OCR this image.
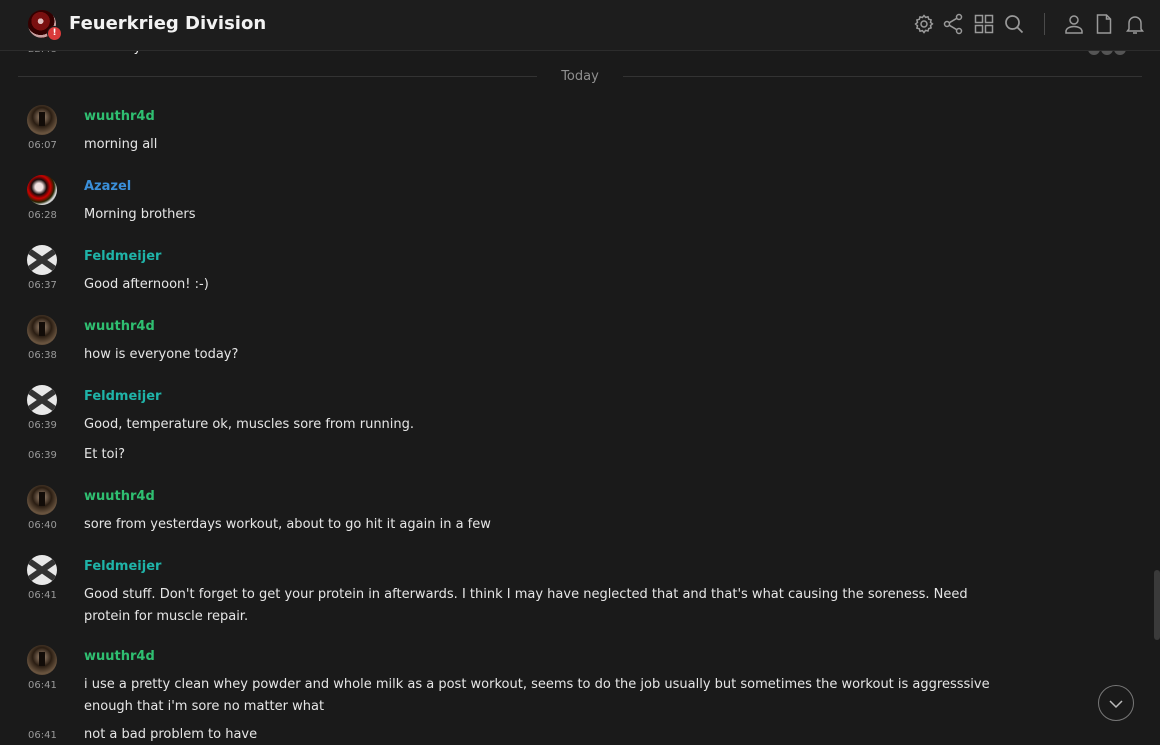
! Feuerkrieg Division
Today
wuuthr4d
06:07 morning all
Azazel
06:28 Morning brothers
Feldmeijer
06:37 Good afternoon! :-)
wuuthr4d
06:38 how is everyone today?
Feldmeijer
06:39 Good, temperature ok, muscles sore from running.
06:39 Et toi?
wuuthr4d
06:40 sore from yesterdays workout, about to go hit it again in a few
Feldmeijer
06:41 Good stuff. Don't forget to get your protein in afterwards. I think I may have neglected that and that's what causing the soreness. Need protein for muscle repair.
wuuthr4d
06:41 i use a pretty clean whey powder and whole milk as a post workout, seems to do the job usually but sometimes the workout is aggresssive enough that i'm sore no matter what
06:41 not a bad problem to have
